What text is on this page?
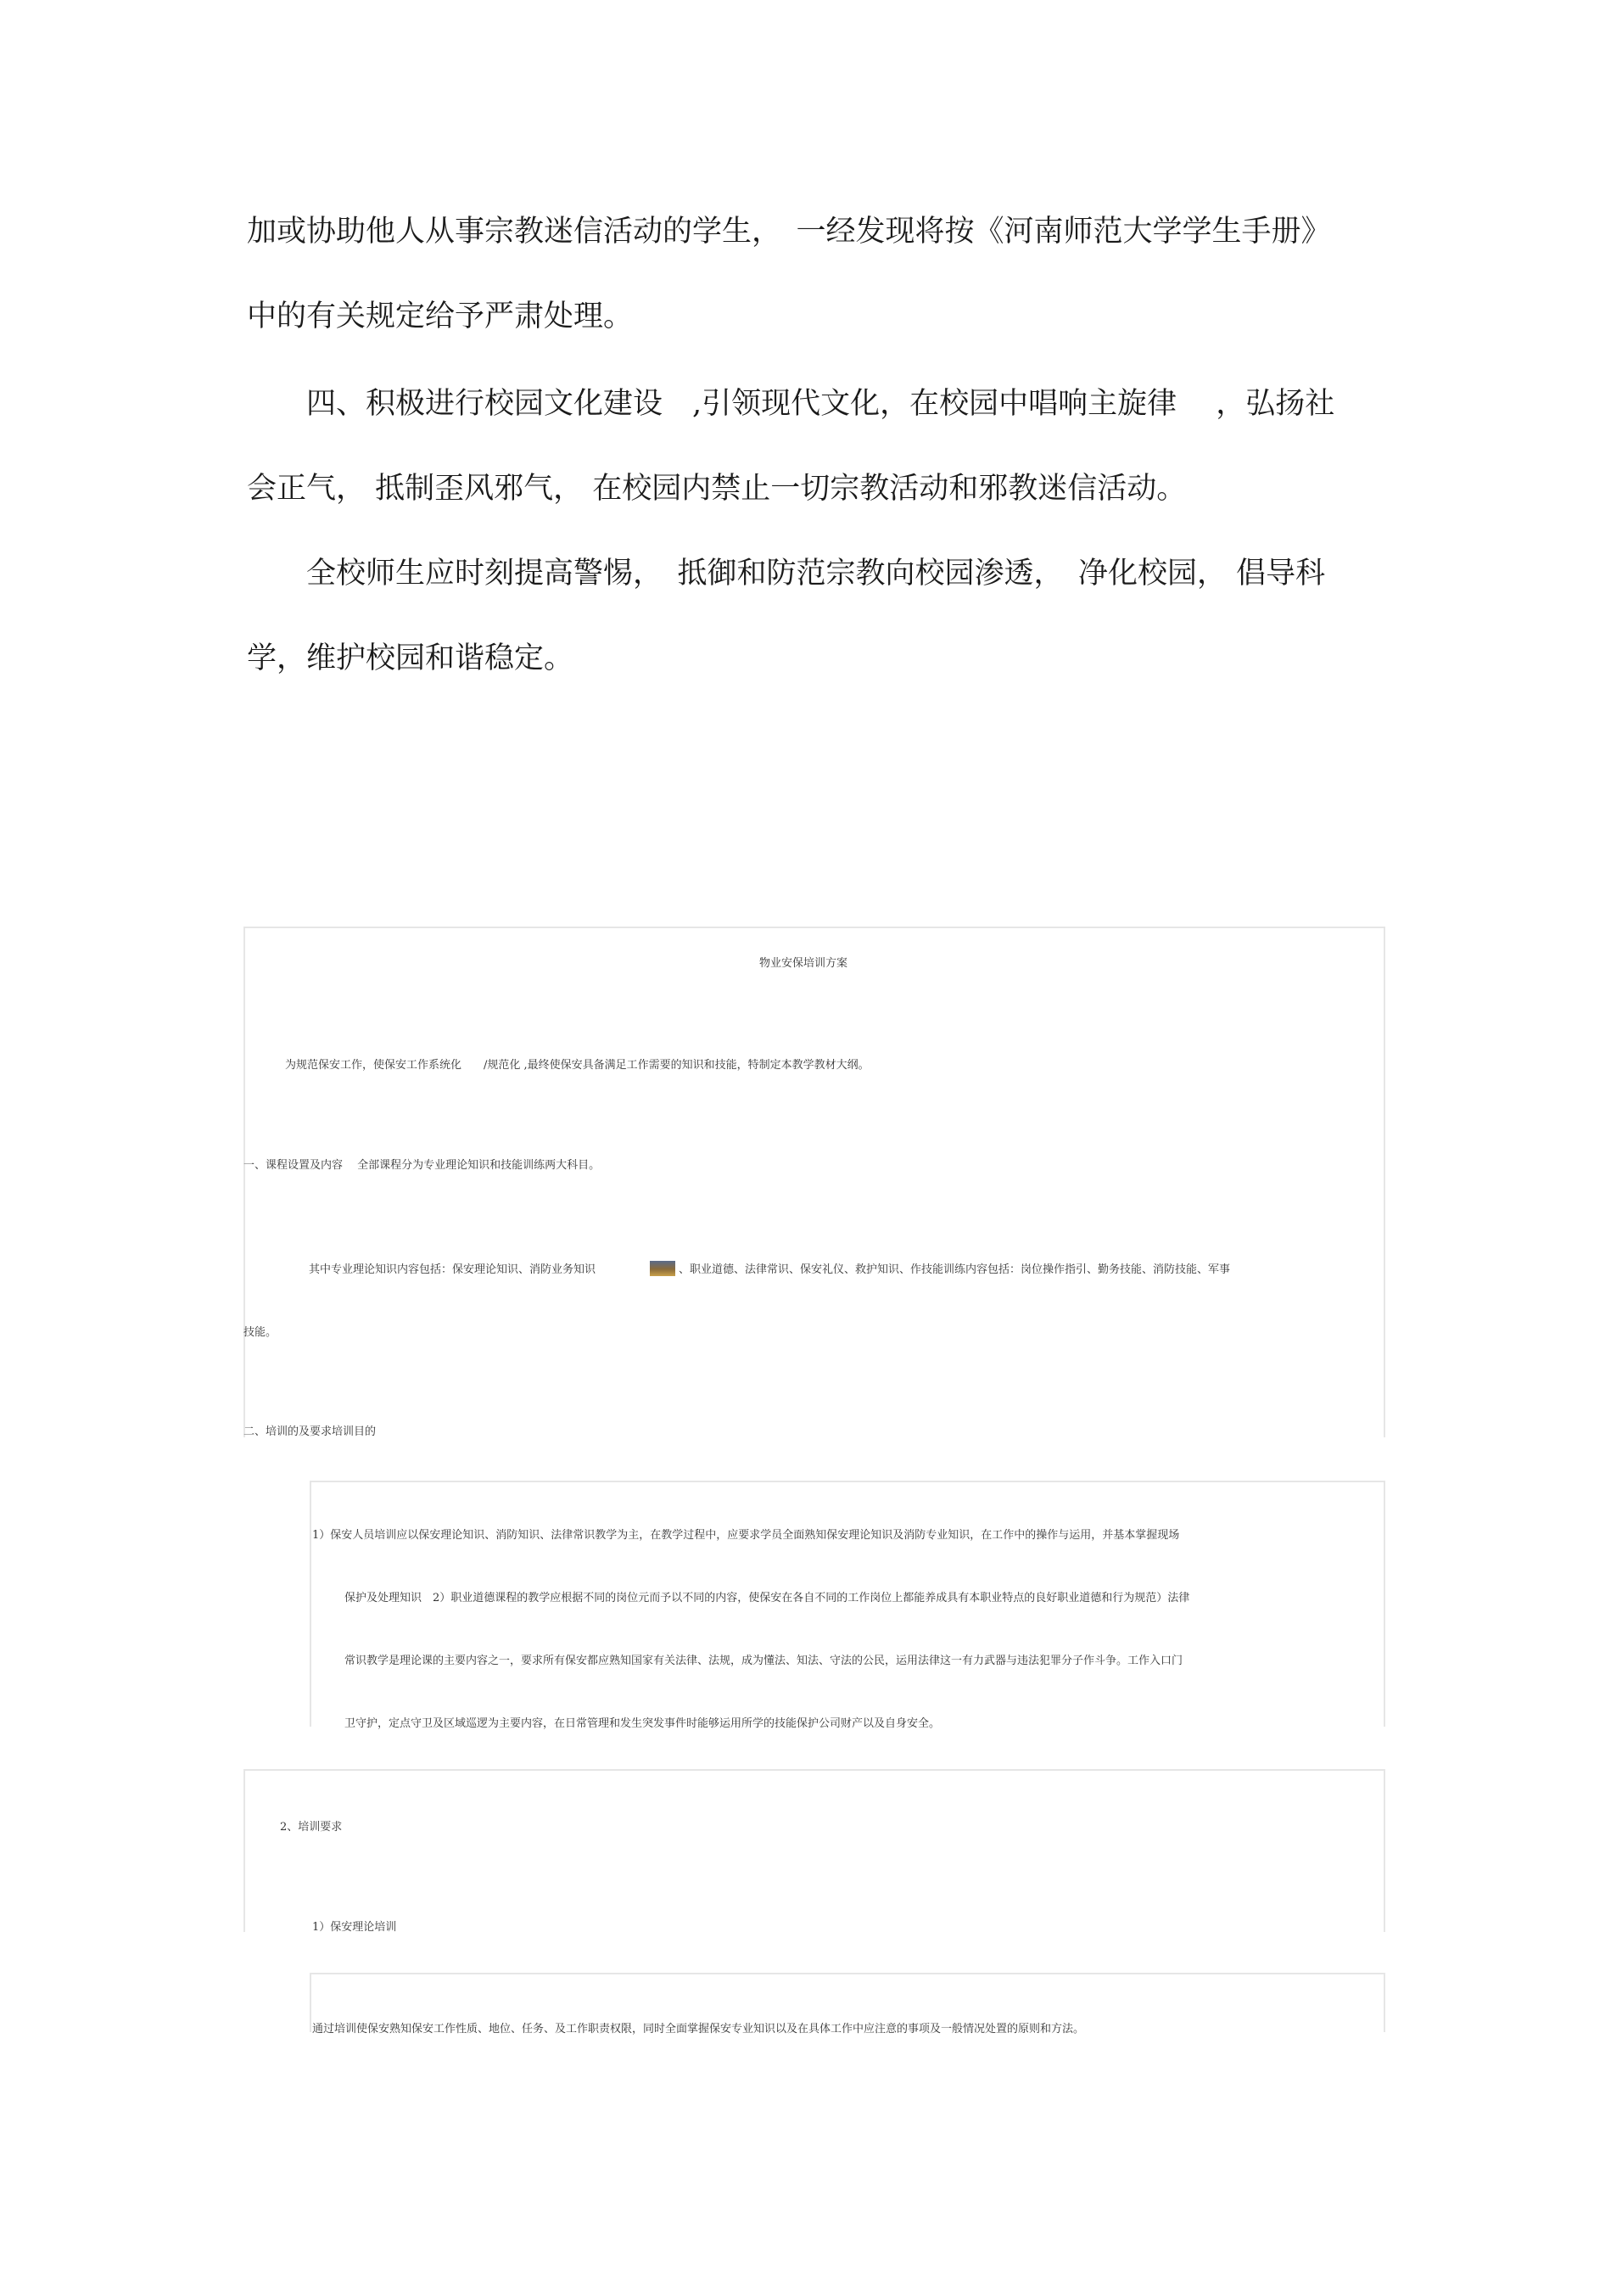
加或协助他人从事宗教迷信活动的学生，　一经发现将按《河南师范大学学生手册》

中的有关规定给予严肃处理。

　　四、积极进行校园文化建设　,引领现代文化，在校园中唱响主旋律　 ，弘扬社

会正气， 抵制歪风邪气， 在校园内禁止一切宗教活动和邪教迷信活动。

　　全校师生应时刻提高警惕，　抵御和防范宗教向校园渗透，　净化校园， 倡导科

学，维护校园和谐稳定。

物业安保培训方案

为规范保安工作，使保安工作系统化　　/规范化 ,最终使保安具备满足工作需要的知识和技能，特制定本教学教材大纲。

一、课程设置及内容　 全部课程分为专业理论知识和技能训练两大科目。

其中专业理论知识内容包括：保安理论知识、消防业务知识	、职业道德、法律常识、保安礼仪、救护知识、作技能训练内容包括：岗位操作指引、勤务技能、消防技能、军事

技能。

二、培训的及要求培训目的

1）保安人员培训应以保安理论知识、消防知识、法律常识教学为主，在教学过程中，应要求学员全面熟知保安理论知识及消防专业知识，在工作中的操作与运用，并基本掌握现场

保护及处理知识　2）职业道德课程的教学应根据不同的岗位元而予以不同的内容，使保安在各自不同的工作岗位上都能养成具有本职业特点的良好职业道德和行为规范）法律

常识教学是理论课的主要内容之一，要求所有保安都应熟知国家有关法律、法规，成为懂法、知法、守法的公民，运用法律这一有力武器与违法犯罪分子作斗争。工作入口门

卫守护，定点守卫及区域巡逻为主要内容，在日常管理和发生突发事件时能够运用所学的技能保护公司财产以及自身安全。

2、培训要求

1）保安理论培训

通过培训使保安熟知保安工作性质、地位、任务、及工作职责权限，同时全面掌握保安专业知识以及在具体工作中应注意的事项及一般情况处置的原则和方法。
